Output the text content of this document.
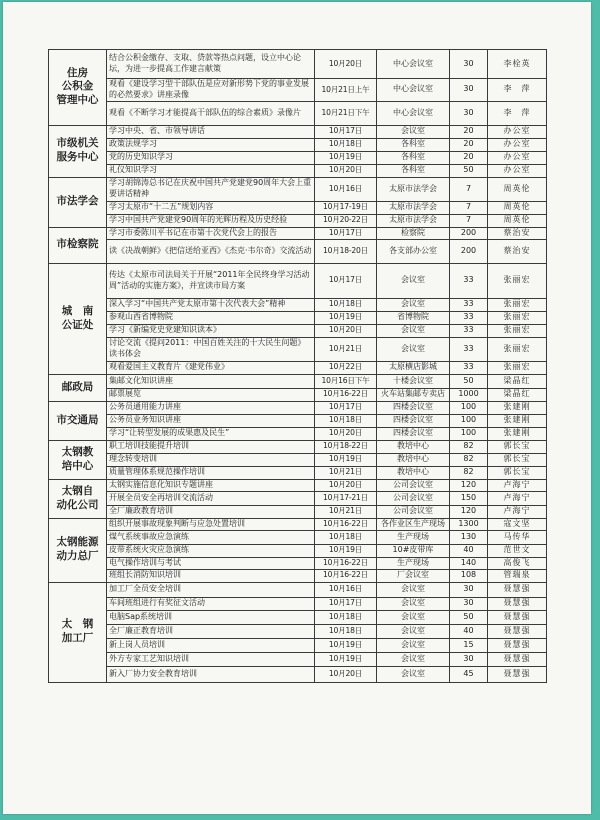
住房
公积金
管理中心	结合公积金缴存、支取、贷款等热点问题，设立中心论坛，为进一步提高工作建言献策	10月20日	中心会议室	30	李栓英
	观看《建设学习型干部队伍是应对新形势下党的事业发展的必然要求》讲座录像	10月21日上午	中心会议室	30	李　萍
	观看《不断学习才能提高干部队伍的综合素质》录像片	10月21日下午	中心会议室	30	李　萍

市级机关
服务中心	学习中央、省、市领导讲话	10月17日	会议室	20	办公室
	政策法规学习	10月18日	各科室	20	办公室
	党的历史知识学习	10月19日	各科室	20	办公室
	礼仪知识学习	10月20日	各科室	50	办公室

市法学会	学习胡锦涛总书记在庆祝中国共产党建党90周年大会上重要讲话精神	10月16日	太原市法学会	7	周英伦
	学习太原市“十二五”规划内容	10月17-19日	太原市法学会	7	周英伦
	学习中国共产党建党90周年的光辉历程及历史经验	10月20-22日	太原市法学会	7	周英伦

市检察院	学习市委陈川平书记在市第十次党代会上的报告	10月17日	检察院	200	蔡治安
	读《决战朝鲜》《把信送给亚西》《杰克·韦尔奇》交流活动	10月18-20日	各支部办公室	200	蔡治安

城　南
公证处	传达《太原市司法局关于开展“2011年全民终身学习活动周”活动的实施方案》，并宣读市局方案	10月17日	会议室	33	张丽宏
	深入学习“中国共产党太原市第十次代表大会”精神	10月18日	会议室	33	张丽宏
	参观山西省博物院	10月19日	省博物院	33	张丽宏
	学习《新编党史党建知识读本》	10月20日	会议室	33	张丽宏
	讨论交流《提问2011：中国百姓关注的十大民生问题》读书体会	10月21日	会议室	33	张丽宏
	观看爱国主义教育片《建党伟业》	10月22日	太原横店影城	33	张丽宏

邮政局	集邮文化知识讲座	10月16日下午	十楼会议室	50	梁晶红
	邮票展览	10月16-22日	火车站集邮专卖店	1000	梁晶红

市交通局	公务员通用能力讲座	10月17日	四楼会议室	100	张建刚
	公务员业务知识讲座	10月18日	四楼会议室	100	张建刚
	学习“让转型发展的成果惠及民生”	10月20日	四楼会议室	100	张建刚

太钢教
培中心	职工培训技能提升培训	10月18-22日	教培中心	82	郭长宝
	理念转变培训	10月19日	教培中心	82	郭长宝
	质量管理体系规范操作培训	10月21日	教培中心	82	郭长宝

太钢自
动化公司	太钢实施信息化知识专题讲座	10月20日	公司会议室	120	卢海宁
	开展全员安全再培训交流活动	10月17-21日	公司会议室	150	卢海宁
	全厂廉政教育培训	10月21日	公司会议室	120	卢海宁

太钢能源
动力总厂	组织开展事故现象判断与应急处置培训	10月16-22日	各作业区生产现场	1300	寇文坚
	煤气系统事故应急演练	10月18日	生产现场	130	马传华
	皮带系统火灾应急演练	10月19日	10#皮带库	40	范世文
	电气操作培训与考试	10月16-22日	生产现场	140	高俊飞
	班组长消防知识培训	10月16-22日	厂会议室	108	管瑞泉

太　钢
加工厂	加工厂全员安全培训	10月16日	会议室	30	聂慧强
	车间班组进行有奖征文活动	10月17日	会议室	30	聂慧强
	电脑Sap系统培训	10月18日	会议室	50	聂慧强
	全厂廉正教育培训	10月18日	会议室	40	聂慧强
	新上岗人员培训	10月19日	会议室	15	聂慧强
	外方专家工艺知识培训	10月19日	会议室	30	聂慧强
	新入厂协力安全教育培训	10月20日	会议室	45	聂慧强
